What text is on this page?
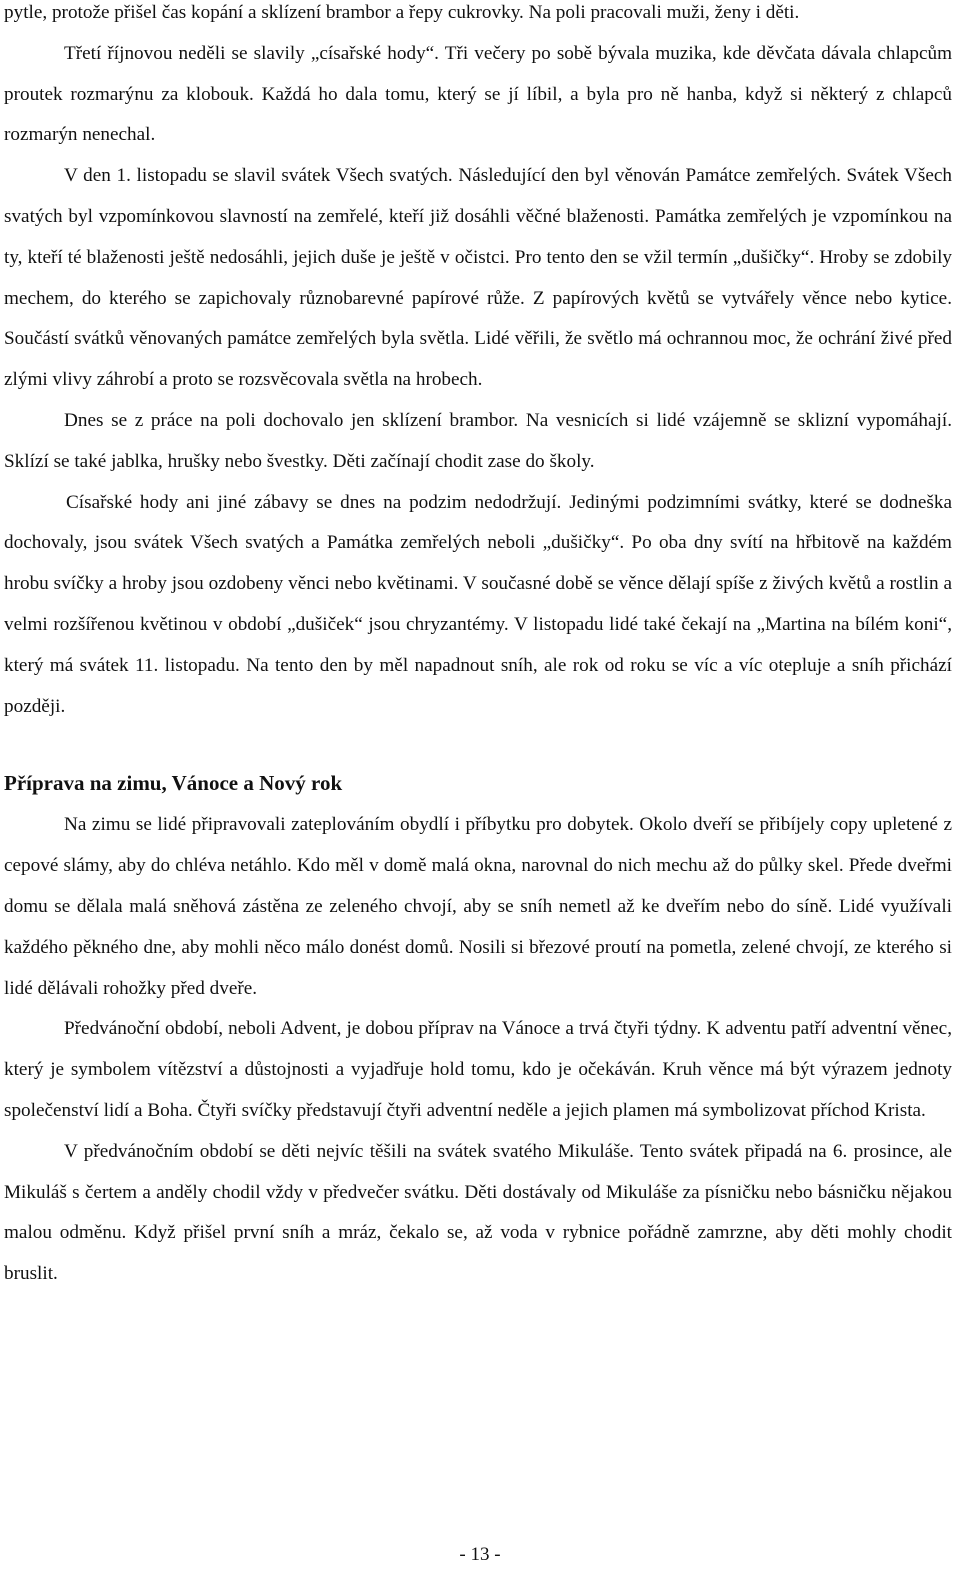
pytle, protože přišel čas kopání a sklízení brambor a řepy cukrovky. Na poli pracovali muži, ženy i děti.

Třetí říjnovou neděli se slavily „císařské hody“. Tři večery po sobě bývala muzika, kde děvčata dávala chlapcům proutek rozmarýnu za klobouk. Každá ho dala tomu, který se jí líbil, a byla pro ně hanba, když si některý z chlapců rozmarýn nenechal.

V den 1. listopadu se slavil svátek Všech svatých. Následující den byl věnován Památce zemřelých. Svátek Všech svatých byl vzpomínkovou slavností na zemřelé, kteří již dosáhli věčné blaženosti. Památka zemřelých je vzpomínkou na ty, kteří té blaženosti ještě nedosáhli, jejich duše je ještě v očistci. Pro tento den se vžil termín „dušičky“. Hroby se zdobily mechem, do kterého se zapichovaly různobarevné papírové růže. Z papírových květů se vytvářely věnce nebo kytice. Součástí svátků věnovaných památce zemřelých byla světla. Lidé věřili, že světlo má ochrannou moc, že ochrání živé před zlými vlivy záhrobí a proto se rozsvěcovala světla na hrobech.

Dnes se z práce na poli dochovalo jen sklízení brambor. Na vesnicích si lidé vzájemně se sklizní vypomáhají. Sklízí se také jablka, hrušky nebo švestky. Děti začínají chodit zase do školy.

Císařské hody ani jiné zábavy se dnes na podzim nedodržují. Jedinými podzimními svátky, které se dodneška dochovaly, jsou svátek Všech svatých a Památka zemřelých neboli „dušičky“. Po oba dny svítí na hřbitově na každém hrobu svíčky a hroby jsou ozdobeny věnci nebo květinami. V současné době se věnce dělají spíše z živých květů a rostlin a velmi rozšířenou květinou v období „dušiček“ jsou chryzantémy. V listopadu lidé také čekají na „Martina na bílém koni“, který má svátek 11. listopadu. Na tento den by měl napadnout sníh, ale rok od roku se víc a víc otepluje a sníh přichází později.

Příprava na zimu, Vánoce a Nový rok

Na zimu se lidé připravovali zateplováním obydlí i příbytku pro dobytek. Okolo dveří se přibíjely copy upletené z cepové slámy, aby do chléva netáhlo. Kdo měl v domě malá okna, narovnal do nich mechu až do půlky skel. Přede dveřmi domu se dělala malá sněhová zástěna ze zeleného chvojí, aby se sníh nemetl až ke dveřím nebo do síně. Lidé využívali každého pěkného dne, aby mohli něco málo donést domů. Nosili si březové proutí na pometla, zelené chvojí, ze kterého si lidé dělávali rohožky před dveře.

Předvánoční období, neboli Advent, je dobou příprav na Vánoce a trvá čtyři týdny. K adventu patří adventní věnec, který je symbolem vítězství a důstojnosti a vyjadřuje hold tomu, kdo je očekáván. Kruh věnce má být výrazem jednoty společenství lidí a Boha. Čtyři svíčky představují čtyři adventní neděle a jejich plamen má symbolizovat příchod Krista.

V předvánočním období se děti nejvíc těšili na svátek svatého Mikuláše. Tento svátek připadá na 6. prosince, ale Mikuláš s čertem a anděly chodil vždy v předvečer svátku. Děti dostávaly od Mikuláše za písničku nebo básničku nějakou malou odměnu. Když přišel první sníh a mráz, čekalo se, až voda v rybnice pořádně zamrzne, aby děti mohly chodit bruslit.

- 13 -
